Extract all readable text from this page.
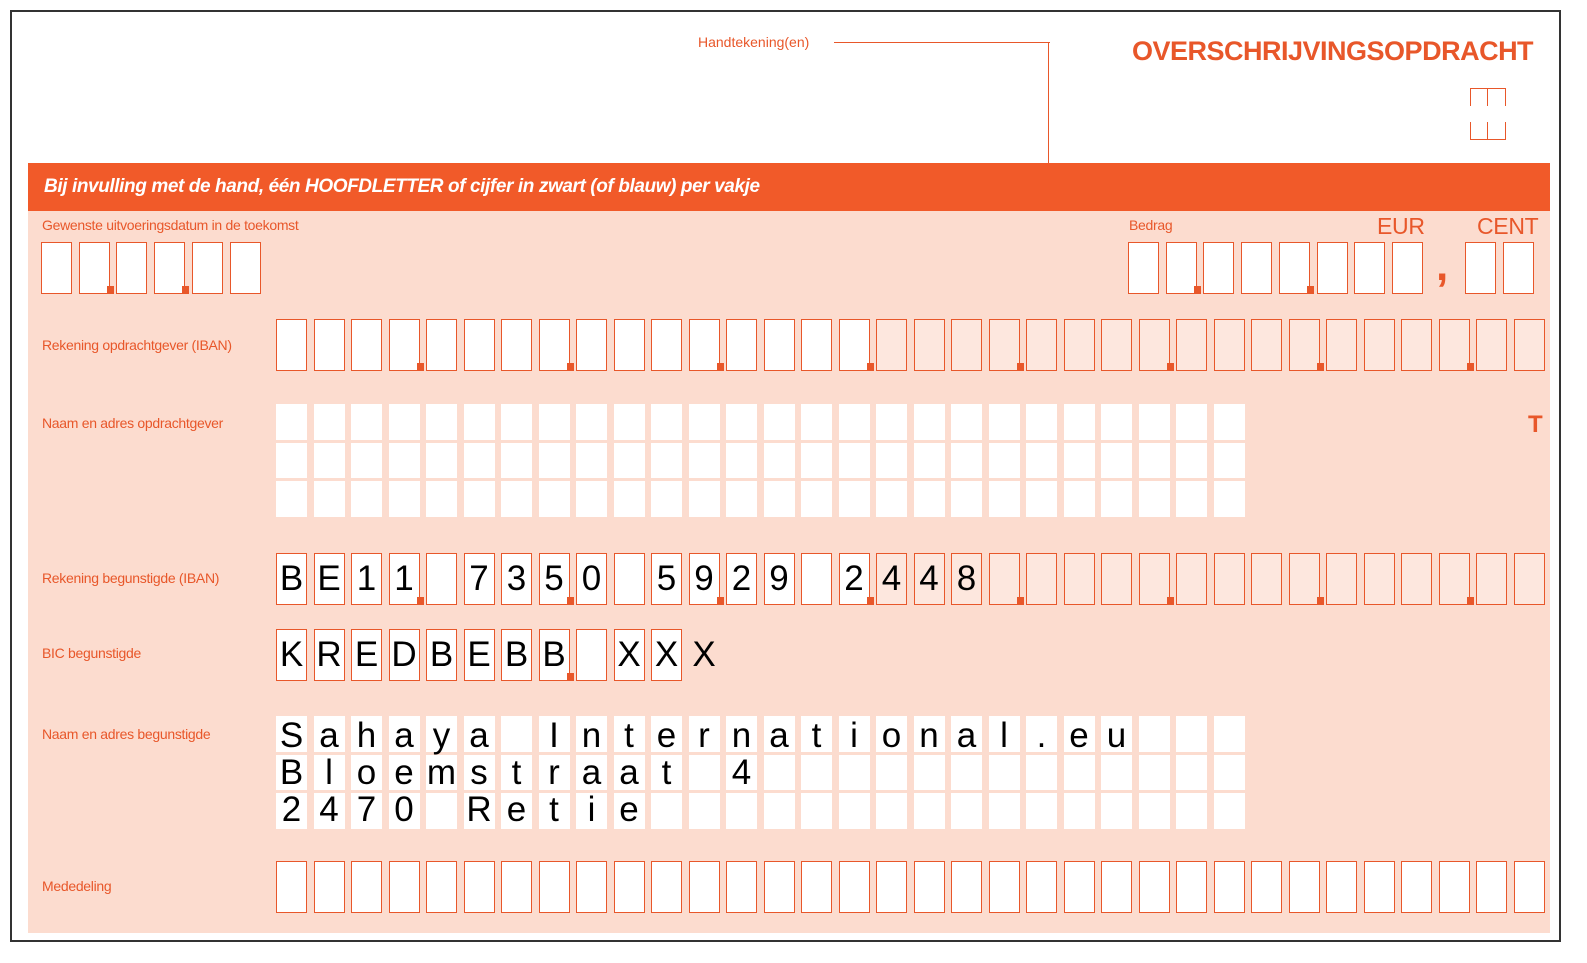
Handtekening(en)	OVERSCHRIJVINGSOPDRACHT
Bij invulling met de hand, één HOOFDLETTER of cijfer in zwart (of blauw) per vakje
Gewenste uitvoeringsdatum in de toekomst	Bedrag	EUR CENT
,
Rekening opdrachtgever (IBAN)
Naam en adres opdrachtgever	T
Rekening begunstigde (IBAN) B E 1 1 7 3 5 0 5 9 2 9 2 4 4 8
BIC begunstigde	K R E D B E B B X X X
Naam en adres begunstigde S a h a y a	I n t e r n a t i o n a l . e u
B l o e m s t r a a t	4
2 4 7 0 R e t i e
Mededeling
